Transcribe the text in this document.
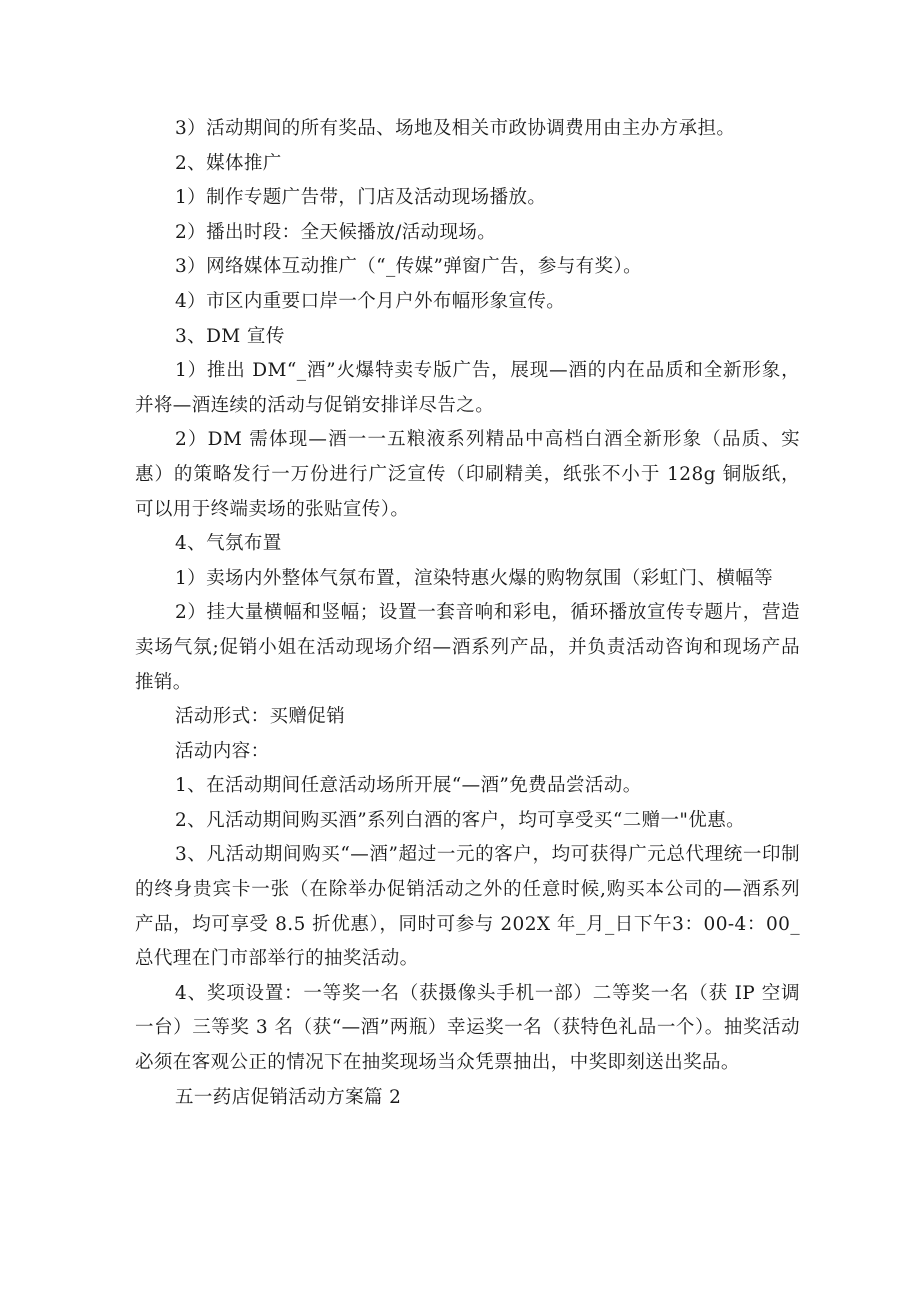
3）活动期间的所有奖品、场地及相关市政协调费用由主办方承担。

2、媒体推广

1）制作专题广告带，门店及活动现场播放。

2）播出时段：全天候播放/活动现场。

3）网络媒体互动推广（“_传媒”弹窗广告，参与有奖）。

4）市区内重要口岸一个月户外布幅形象宣传。

3、DM 宣传

1）推出 DM“_酒”火爆特卖专版广告，展现—酒的内在品质和全新形象，并将—酒连续的活动与促销安排详尽告之。

2）DM 需体现—酒一一五粮液系列精品中高档白酒全新形象（品质、实惠）的策略发行一万份进行广泛宣传（印刷精美，纸张不小于 128g 铜版纸，可以用于终端卖场的张贴宣传）。

4、气氛布置

1）卖场内外整体气氛布置，渲染特惠火爆的购物氛围（彩虹门、横幅等

2）挂大量横幅和竖幅；设置一套音响和彩电，循环播放宣传专题片，营造卖场气氛;促销小姐在活动现场介绍—酒系列产品，并负责活动咨询和现场产品推销。

活动形式：买赠促销

活动内容：

1、在活动期间任意活动场所开展“—酒”免费品尝活动。

2、凡活动期间购买酒”系列白酒的客户，均可享受买“二赠一"优惠。

3、凡活动期间购买“—酒”超过一元的客户，均可获得广元总代理统一印制的终身贵宾卡一张（在除举办促销活动之外的任意时候,购买本公司的—酒系列产品，均可享受 8.5 折优惠），同时可参与 202X 年_月_日下午3：00-4：00_总代理在门市部举行的抽奖活动。

4、奖项设置：一等奖一名（获摄像头手机一部）二等奖一名（获 IP 空调一台）三等奖 3 名（获“—酒”两瓶）幸运奖一名（获特色礼品一个）。抽奖活动必须在客观公正的情况下在抽奖现场当众凭票抽出，中奖即刻送出奖品。

五一药店促销活动方案篇 2
